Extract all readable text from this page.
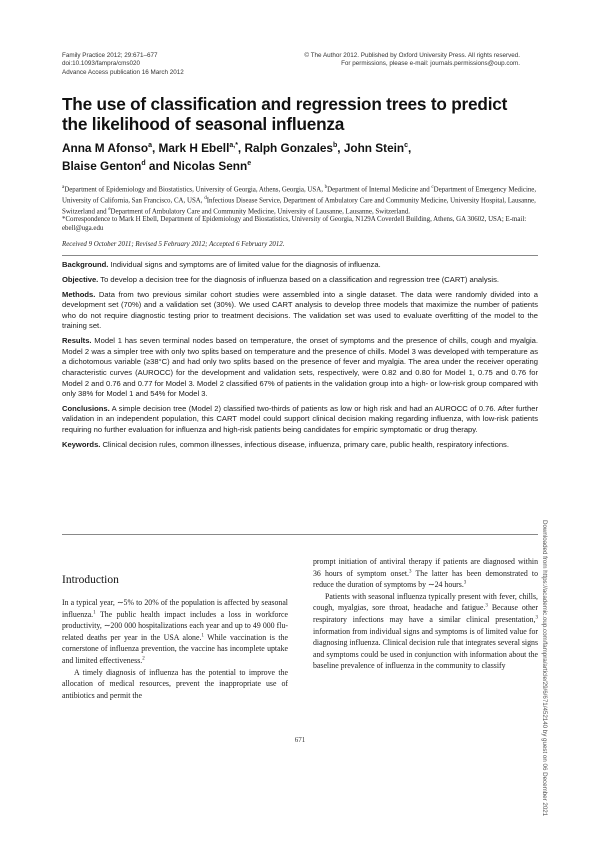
Family Practice 2012; 29:671–677
doi:10.1093/fampra/cms020
Advance Access publication 16 March 2012
© The Author 2012. Published by Oxford University Press. All rights reserved.
For permissions, please e-mail: journals.permissions@oup.com.
The use of classification and regression trees to predict the likelihood of seasonal influenza
Anna M Afonso$^a$, Mark H Ebell$^{a,*}$, Ralph Gonzales$^b$, John Stein$^c$,
Blaise Genton$^d$ and Nicolas Senn$^e$
$^a$Department of Epidemiology and Biostatistics, University of Georgia, Athens, Georgia, USA, $^b$Department of Internal Medicine and $^c$Department of Emergency Medicine, University of California, San Francisco, CA, USA, $^d$Infectious Disease Service, Department of Ambulatory Care and Community Medicine, University Hospital, Lausanne, Switzerland and $^e$Department of Ambulatory Care and Community Medicine, University of Lausanne, Lausanne, Switzerland.
*Correspondence to Mark H Ebell, Department of Epidemiology and Biostatistics, University of Georgia, N129A Coverdell Building, Athens, GA 30602, USA; E-mail: ebell@uga.edu
Received 9 October 2011; Revised 5 February 2012; Accepted 6 February 2012.

Background. Individual signs and symptoms are of limited value for the diagnosis of influenza.

Objective. To develop a decision tree for the diagnosis of influenza based on a classification and regression tree (CART) analysis.

Methods. Data from two previous similar cohort studies were assembled into a single dataset. The data were randomly divided into a development set (70%) and a validation set (30%). We used CART analysis to develop three models that maximize the number of patients who do not require diagnostic testing prior to treatment decisions. The validation set was used to evaluate overfitting of the model to the training set.

Results. Model 1 has seven terminal nodes based on temperature, the onset of symptoms and the presence of chills, cough and myalgia. Model 2 was a simpler tree with only two splits based on temperature and the presence of chills. Model 3 was developed with temperature as a dichotomous variable (≥38°C) and had only two splits based on the presence of fever and myalgia. The area under the receiver operating characteristic curves (AUROCC) for the development and validation sets, respectively, were 0.82 and 0.80 for Model 1, 0.75 and 0.76 for Model 2 and 0.76 and 0.77 for Model 3. Model 2 classified 67% of patients in the validation group into a high- or low-risk group compared with only 38% for Model 1 and 54% for Model 3.

Conclusions. A simple decision tree (Model 2) classified two-thirds of patients as low or high risk and had an AUROCC of 0.76. After further validation in an independent population, this CART model could support clinical decision making regarding influenza, with low-risk patients requiring no further evaluation for influenza and high-risk patients being candidates for empiric symptomatic or drug therapy.

Keywords. Clinical decision rules, common illnesses, infectious disease, influenza, primary care, public health, respiratory infections.

Introduction

In a typical year, ∼5% to 20% of the population is affected by seasonal influenza.$^1$ The public health impact includes a loss in workforce productivity, ∼200 000 hospitalizations each year and up to 49 000 flu-related deaths per year in the USA alone.$^1$ While vaccination is the cornerstone of influenza prevention, the vaccine has incomplete uptake and limited effectiveness.$^2$

A timely diagnosis of influenza has the potential to improve the allocation of medical resources, prevent the inappropriate use of antibiotics and permit the

prompt initiation of antiviral therapy if patients are diagnosed within 36 hours of symptom onset.$^3$ The latter has been demonstrated to reduce the duration of symptoms by ∼24 hours.$^3$

Patients with seasonal influenza typically present with fever, chills, cough, myalgias, sore throat, headache and fatigue.$^3$ Because other respiratory infections may have a similar clinical presentation,$^3$ information from individual signs and symptoms is of limited value for diagnosing influenza. Clinical decision rule that integrates several signs and symptoms could be used in conjunction with information about the baseline prevalence of influenza in the community to classify

671	Downloaded from https://academic.oup.com/fampra/article/29/6/671/452140 by guest on 06 December 2021
